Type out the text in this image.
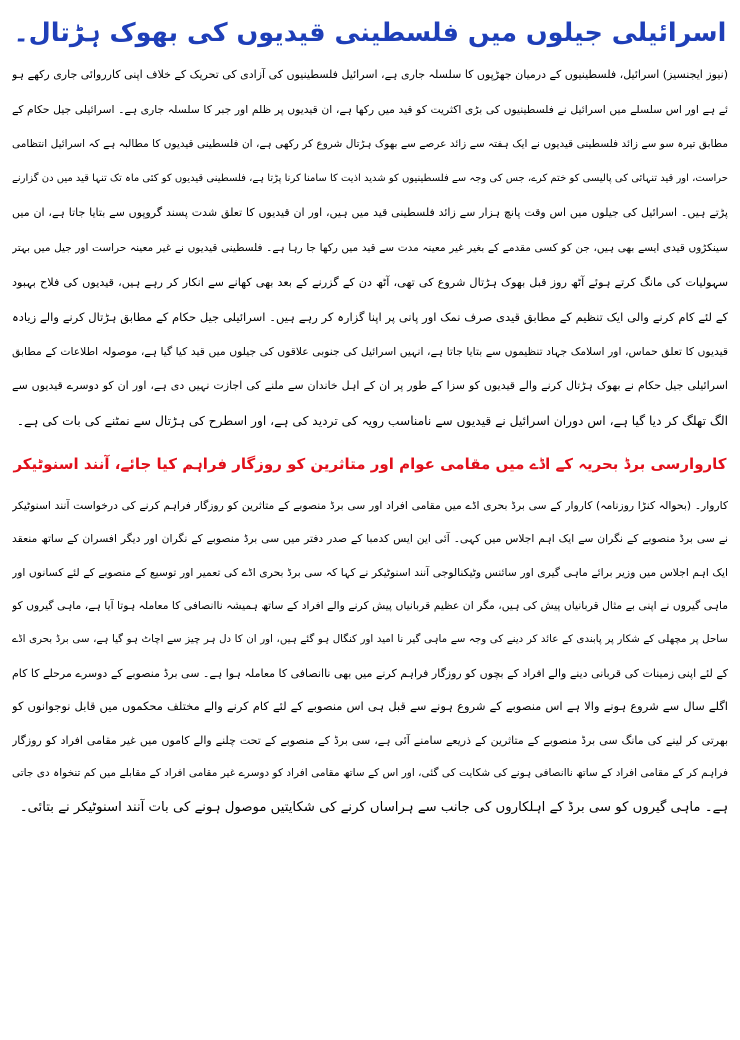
اسرائیلی جیلوں میں فلسطینی قیدیوں کی بھوک ہڑتال۔
(نیوز ایجنسیز) اسرائیل، فلسطینیوں کے درمیان جھڑپوں کا سلسلہ جاری ہے، اسرائیل فلسطینیوں کی آزادی کی تحریک کے خلاف اپنی کارروائی جاری رکھے ہو
ئے ہے اور اس سلسلے میں اسرائیل نے فلسطینیوں کی بڑی اکثریت کو قید میں رکھا ہے، ان قیدیوں پر ظلم اور جبر کا سلسلہ جاری ہے۔ اسرائیلی جیل حکام کے
مطابق تیرہ سو سے زائد فلسطینی قیدیوں نے ایک ہفتہ سے زائد عرصے سے بھوک ہڑتال شروع کر رکھی ہے، ان فلسطینی قیدیوں کا مطالبہ ہے کہ اسرائیل انتظامی
حراست، اور قید تنہائی کی پالیسی کو ختم کرے، جس کی وجہ سے فلسطینیوں کو شدید اذیت کا سامنا کرنا پڑتا ہے، فلسطینی قیدیوں کو کئی ماہ تک تنہا قید میں دن گزارنے
پڑتے ہیں۔ اسرائیل کی جیلوں میں اس وقت پانچ ہزار سے زائد فلسطینی قید میں ہیں، اور ان قیدیوں کا تعلق شدت پسند گروپوں سے بتایا جاتا ہے، ان میں
سینکڑوں قیدی ایسے بھی ہیں، جن کو کسی مقدمے کے بغیر غیر معینہ مدت سے قید میں رکھا جا رہا ہے۔ فلسطینی قیدیوں نے غیر معینہ حراست اور جیل میں بہتر
سہولیات کی مانگ کرتے ہوئے آٹھ روز قبل بھوک ہڑتال شروع کی تھی، آٹھ دن کے گزرنے کے بعد بھی کھانے سے انکار کر رہے ہیں، قیدیوں کی فلاح بہبود
کے لئے کام کرنے والی ایک تنظیم کے مطابق قیدی صرف نمک اور پانی پر اپنا گزارہ کر رہے ہیں۔ اسرائیلی جیل حکام کے مطابق ہڑتال کرنے والے زیادہ
قیدیوں کا تعلق حماس، اور اسلامک جہاد تنظیموں سے بتایا جاتا ہے، انہیں اسرائیل کی جنوبی علاقوں کی جیلوں میں قید کیا گیا ہے، موصولہ اطلاعات کے مطابق
اسرائیلی جیل حکام نے بھوک ہڑتال کرنے والے قیدیوں کو سزا کے طور پر ان کے اہل خاندان سے ملنے کی اجازت نہیں دی ہے، اور ان کو دوسرے قیدیوں سے
الگ تھلگ کر دیا گیا ہے، اس دوران اسرائیل نے قیدیوں سے نامناسب رویہ کی تردید کی ہے، اور اسطرح کی ہڑتال سے نمٹنے کی بات کی ہے۔
کاروارسی برڈ بحریہ کے اڈے میں مقامی عوام اور متاثرین کو روزگار فراہم کیا جائے، آنند اسنوٹیکر
کاروار۔ (بحوالہ کنڑا روزنامہ) کاروار کے سی برڈ بحری اڈے میں مقامی افراد اور سی برڈ منصوبے کے متاثرین کو روزگار فراہم کرنے کی درخواست آنند اسنوٹیکر
نے سی برڈ منصوبے کے نگران سے ایک اہم اجلاس میں کہی۔ آئی این ایس کدمبا کے صدر دفتر میں سی برڈ منصوبے کے نگران اور دیگر افسران کے ساتھ منعقد
ایک اہم اجلاس میں وزیر برائے ماہی گیری اور سائنس وٹیکنالوجی آنند اسنوٹیکر نے کہا کہ سی برڈ بحری اڈے کی تعمیر اور توسیع کے منصوبے کے لئے کسانوں اور
ماہی گیروں نے اپنی بے مثال قربانیاں پیش کی ہیں، مگر ان عظیم قربانیاں پیش کرنے والے افراد کے ساتھ ہمیشہ ناانصافی کا معاملہ ہوتا آیا ہے، ماہی گیروں کو
ساحل پر مچھلی کے شکار پر پابندی کے عائد کر دینے کی وجہ سے ماہی گیر نا امید اور کنگال ہو گئے ہیں، اور ان کا دل ہر چیز سے اچاٹ ہو گیا ہے، سی برڈ بحری اڈے
کے لئے اپنی زمینات کی قربانی دینے والے افراد کے بچوں کو روزگار فراہم کرنے میں بھی ناانصافی کا معاملہ ہوا ہے۔ سی برڈ منصوبے کے دوسرے مرحلے کا کام
اگلے سال سے شروع ہونے والا ہے اس منصوبے کے شروع ہونے سے قبل ہی اس منصوبے کے لئے کام کرنے والے مختلف محکموں میں قابل نوجوانوں کو
بھرتی کر لینے کی مانگ سی برڈ منصوبے کے متاثرین کے ذریعے سامنے آئی ہے، سی برڈ کے منصوبے کے تحت چلنے والے کاموں میں غیر مقامی افراد کو روزگار
فراہم کر کے مقامی افراد کے ساتھ ناانصافی ہونے کی شکایت کی گئی، اور اس کے ساتھ مقامی افراد کو دوسرے غیر مقامی افراد کے مقابلے میں کم تنخواہ دی جاتی
ہے۔ ماہی گیروں کو سی برڈ کے اہلکاروں کی جانب سے ہراساں کرنے کی شکایتیں موصول ہونے کی بات آنند اسنوٹیکر نے بتائی۔
